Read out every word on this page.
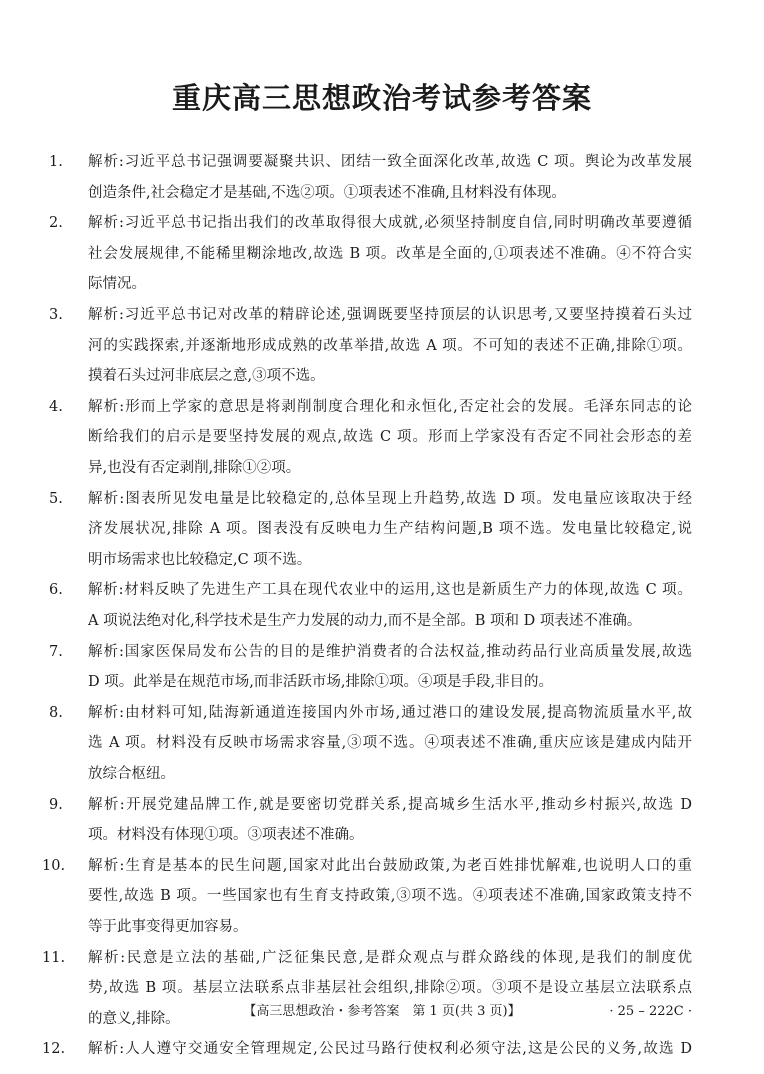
重庆高三思想政治考试参考答案
1.	解析:习近平总书记强调要凝聚共识、团结一致全面深化改革,故选 C 项。舆论为改革发展
创造条件,社会稳定才是基础,不选②项。①项表述不准确,且材料没有体现。
2.	解析:习近平总书记指出我们的改革取得很大成就,必须坚持制度自信,同时明确改革要遵循
社会发展规律,不能稀里糊涂地改,故选 B 项。改革是全面的,①项表述不准确。④不符合实
际情况。
3.	解析:习近平总书记对改革的精辟论述,强调既要坚持顶层的认识思考,又要坚持摸着石头过
河的实践探索,并逐渐地形成成熟的改革举措,故选 A 项。不可知的表述不正确,排除①项。
摸着石头过河非底层之意,③项不选。
4.	解析:形而上学家的意思是将剥削制度合理化和永恒化,否定社会的发展。毛泽东同志的论
断给我们的启示是要坚持发展的观点,故选 C 项。形而上学家没有否定不同社会形态的差
异,也没有否定剥削,排除①②项。
5.	解析:图表所见发电量是比较稳定的,总体呈现上升趋势,故选 D 项。发电量应该取决于经
济发展状况,排除 A 项。图表没有反映电力生产结构问题,B 项不选。发电量比较稳定,说
明市场需求也比较稳定,C 项不选。
6.	解析:材料反映了先进生产工具在现代农业中的运用,这也是新质生产力的体现,故选 C 项。
A 项说法绝对化,科学技术是生产力发展的动力,而不是全部。B 项和 D 项表述不准确。
7.	解析:国家医保局发布公告的目的是维护消费者的合法权益,推动药品行业高质量发展,故选
D 项。此举是在规范市场,而非活跃市场,排除①项。④项是手段,非目的。
8.	解析:由材料可知,陆海新通道连接国内外市场,通过港口的建设发展,提高物流质量水平,故
选 A 项。材料没有反映市场需求容量,③项不选。④项表述不准确,重庆应该是建成内陆开
放综合枢纽。
9.	解析:开展党建品牌工作,就是要密切党群关系,提高城乡生活水平,推动乡村振兴,故选 D
项。材料没有体现①项。③项表述不准确。
10.	解析:生育是基本的民生问题,国家对此出台鼓励政策,为老百姓排忧解难,也说明人口的重
要性,故选 B 项。一些国家也有生育支持政策,③项不选。④项表述不准确,国家政策支持不
等于此事变得更加容易。
11.	解析:民意是立法的基础,广泛征集民意,是群众观点与群众路线的体现,是我们的制度优
势,故选 B 项。基层立法联系点非基层社会组织,排除②项。③项不是设立基层立法联系点
的意义,排除。
12.	解析:人人遵守交通安全管理规定,公民过马路行使权利必须守法,这是公民的义务,故选 D
【高三思想政治・参考答案　第 1 页(共 3 页)】	· 25 – 222C ·
